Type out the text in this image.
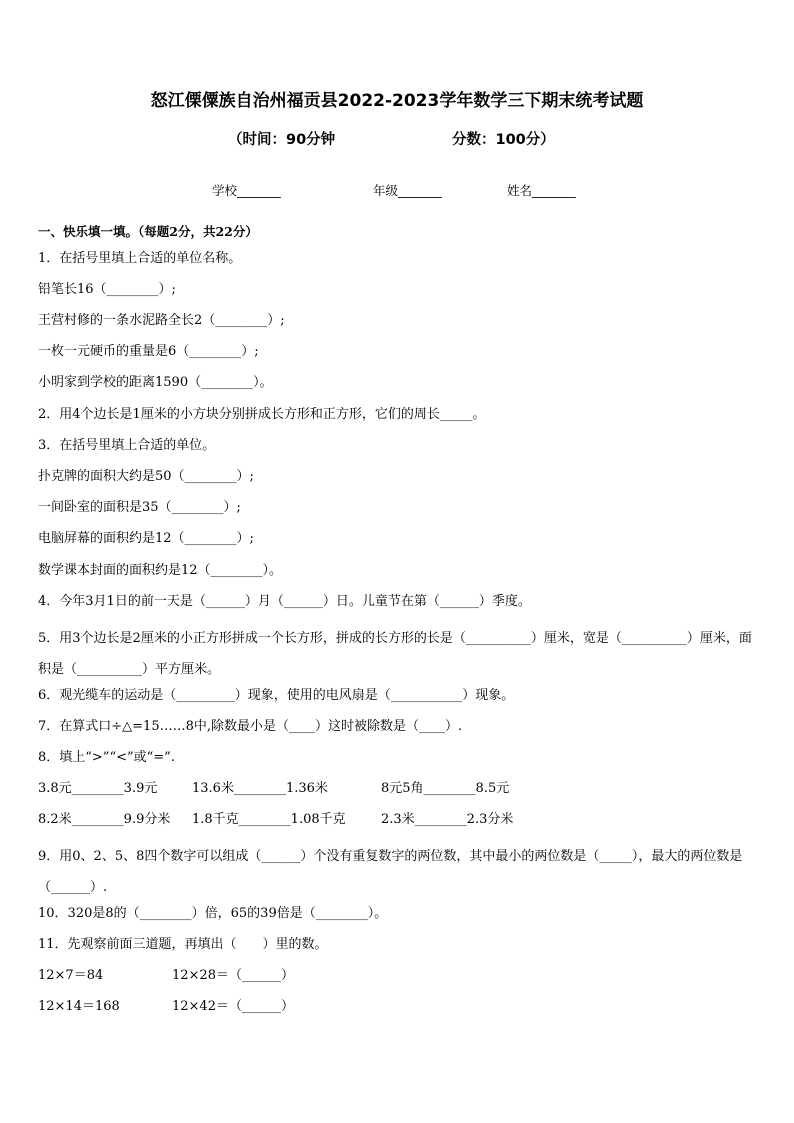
怒江傈僳族自治州福贡县2022-2023学年数学三下期末统考试题
（时间：90分钟	分数：100分）
学校_______	年级_______	姓名_______
一、快乐填一填。（每题2分，共22分）
1．在括号里填上合适的单位名称。
铅笔长16（________）;
王营村修的一条水泥路全长2（________）;
一枚一元硬币的重量是6（________）;
小明家到学校的距离1590（________）。
2．用4个边长是1厘米的小方块分别拼成长方形和正方形，它们的周长_____。
3．在括号里填上合适的单位。
扑克牌的面积大约是50（________）;
一间卧室的面积是35（________）;
电脑屏幕的面积约是12（________）;
数学课本封面的面积约是12（________）。
4．今年3月1日的前一天是（______）月（______）日。儿童节在第（______）季度。
5．用3个边长是2厘米的小正方形拼成一个长方形，拼成的长方形的长是（__________）厘米，宽是（__________）厘米，面积是（__________）平方厘米。
6．观光缆车的运动是（_________）现象，使用的电风扇是（___________）现象。
7．在算式口÷△=15……8中,除数最小是（____）这时被除数是（____）.
8．填上“>”“<”或“=”.
3.8元________3.9元	13.6米________1.36米	8元5角________8.5元
8.2米________9.9分米 1.8千克________1.08千克	2.3米________2.3分米
9．用0、2、5、8四个数字可以组成（______）个没有重复数字的两位数，其中最小的两位数是（_____），最大的两位数是（______）.
10．320是8的（________）倍，65的39倍是（________）。
11．先观察前面三道题，再填出（　　）里的数。
12×7＝84	12×28＝（______）
12×14＝168	12×42＝（______）
